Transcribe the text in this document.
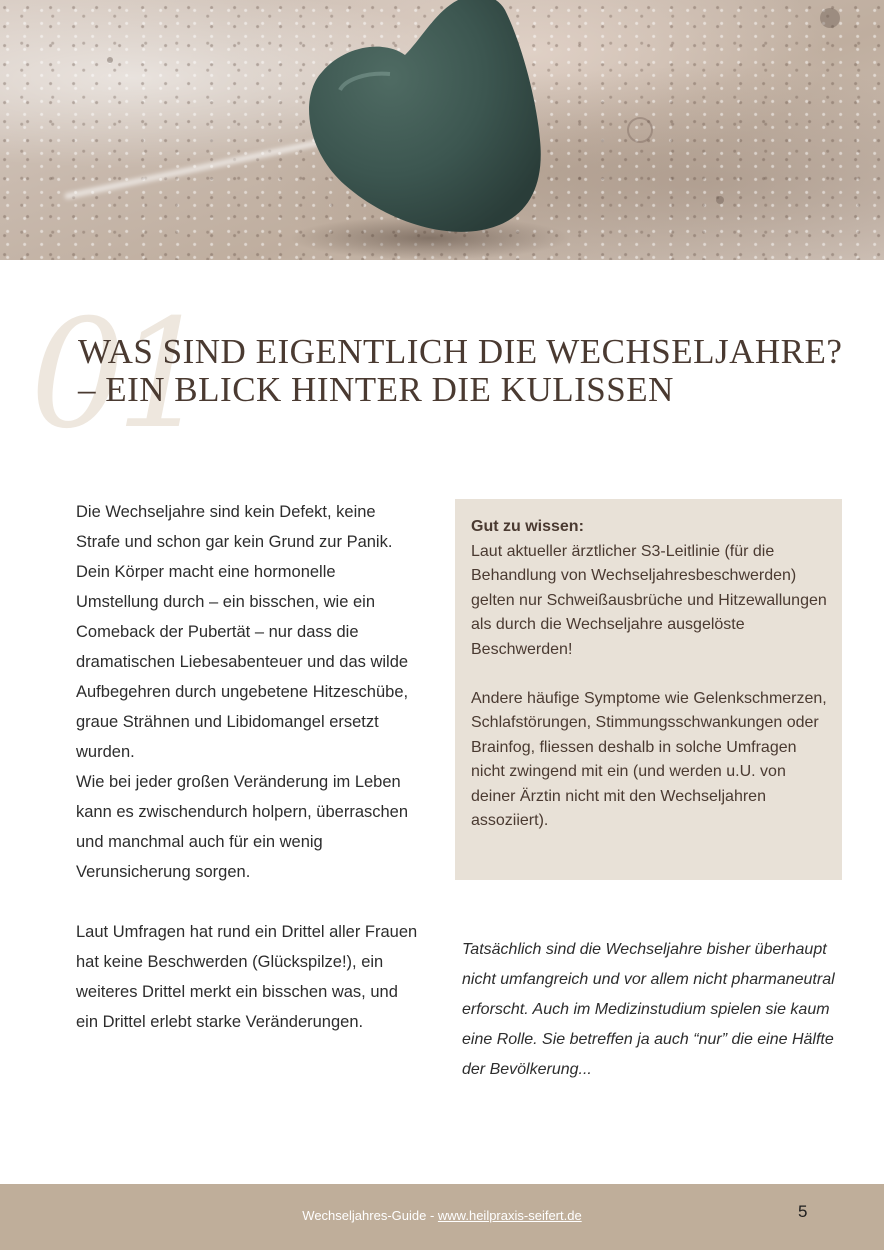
01
WAS SIND EIGENTLICH DIE WECHSELJAHRE? – EIN BLICK HINTER DIE KULISSEN

Die Wechseljahre sind kein Defekt, keine Strafe und schon gar kein Grund zur Panik. Dein Körper macht eine hormonelle Umstellung durch – ein bisschen, wie ein Comeback der Pubertät – nur dass die dramatischen Liebesabenteuer und das wilde Aufbegehren durch ungebetene Hitzeschübe, graue Strähnen und Libidomangel ersetzt wurden.

Wie bei jeder großen Veränderung im Leben kann es zwischendurch holpern, überraschen und manchmal auch für ein wenig Verunsicherung sorgen.

Laut Umfragen hat rund ein Drittel aller Frauen hat keine Beschwerden (Glückspilze!), ein weiteres Drittel merkt ein bisschen was, und ein Drittel erlebt starke Veränderungen.

Gut zu wissen:

Laut aktueller ärztlicher S3-Leitlinie (für die Behandlung von Wechseljahresbeschwerden) gelten nur Schweißausbrüche und Hitzewallungen als durch die Wechseljahre ausgelöste Beschwerden!

Andere häufige Symptome wie Gelenkschmerzen, Schlafstörungen, Stimmungsschwankungen oder Brainfog, fliessen deshalb in solche Umfragen nicht zwingend mit ein (und werden u.U. von deiner Ärztin nicht mit den Wechseljahren assoziiert).

Tatsächlich sind die Wechseljahre bisher überhaupt nicht umfangreich und vor allem nicht pharmaneutral erforscht. Auch im Medizinstudium spielen sie kaum eine Rolle. Sie betreffen ja auch “nur” die eine Hälfte der Bevölkerung...

Wechseljahres-Guide - www.heilpraxis-seifert.de	5
